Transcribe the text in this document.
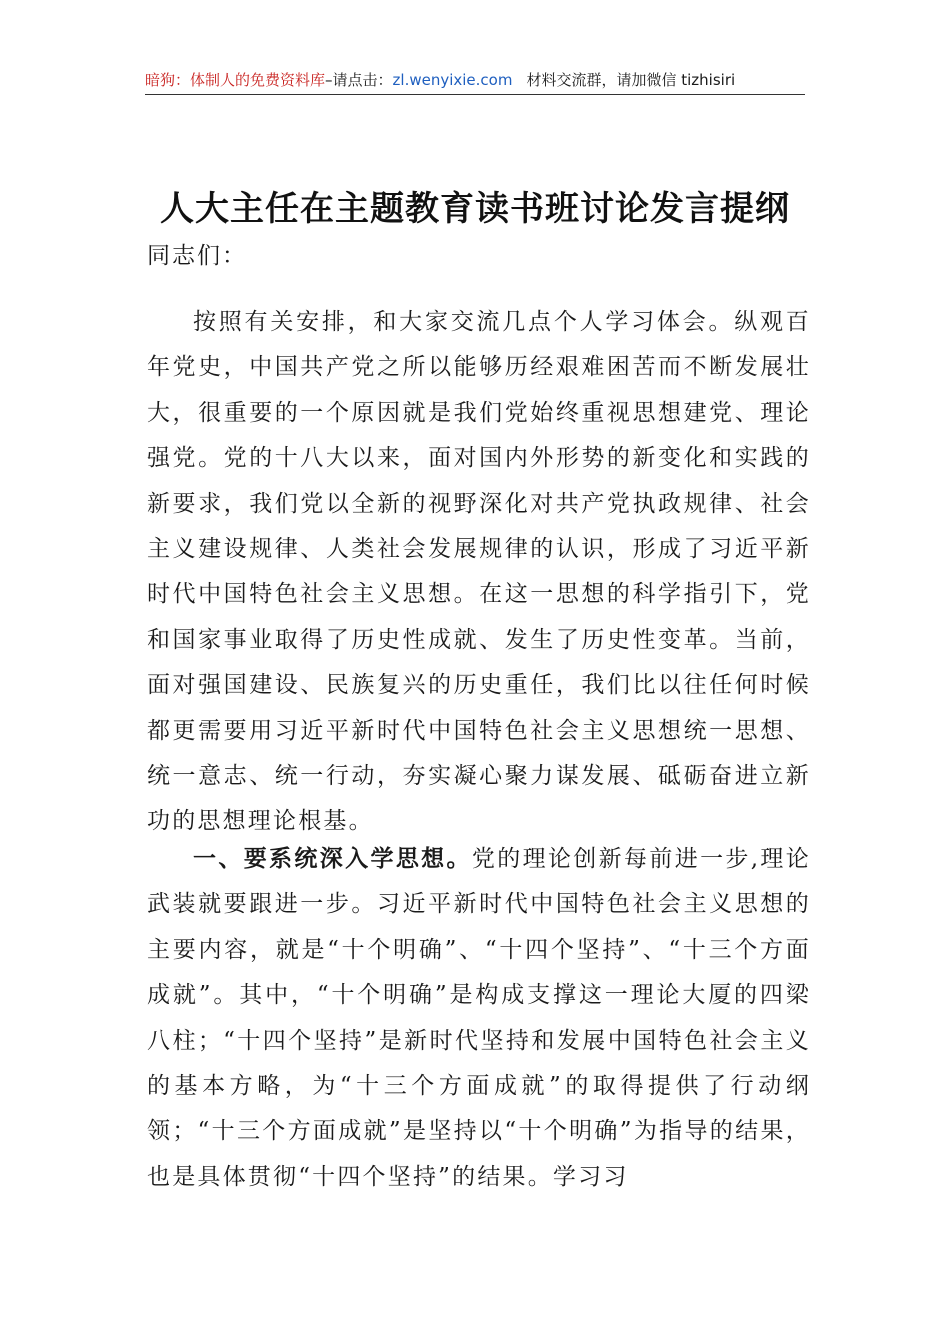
暗狗：体制人的免费资料库–请点击：zl.wenyixie.com 材料交流群，请加微信 tizhisiri
人大主任在主题教育读书班讨论发言提纲
同志们：

按照有关安排，和大家交流几点个人学习体会。纵观百年党史，中国共产党之所以能够历经艰难困苦而不断发展壮大，很重要的一个原因就是我们党始终重视思想建党、理论强党。党的十八大以来，面对国内外形势的新变化和实践的新要求，我们党以全新的视野深化对共产党执政规律、社会主义建设规律、人类社会发展规律的认识，形成了习近平新时代中国特色社会主义思想。在这一思想的科学指引下，党和国家事业取得了历史性成就、发生了历史性变革。当前，面对强国建设、民族复兴的历史重任，我们比以往任何时候都更需要用习近平新时代中国特色社会主义思想统一思想、统一意志、统一行动，夯实凝心聚力谋发展、砥砺奋进立新功的思想理论根基。

一、要系统深入学思想。党的理论创新每前进一步,理论武装就要跟进一步。习近平新时代中国特色社会主义思想的主要内容，就是“十个明确”、“十四个坚持”、“十三个方面成就”。其中，“十个明确”是构成支撑这一理论大厦的四梁八柱；“十四个坚持”是新时代坚持和发展中国特色社会主义的基本方略，为“十三个方面成就”的取得提供了行动纲领；“十三个方面成就”是坚持以“十个明确”为指导的结果，也是具体贯彻“十四个坚持”的结果。学习习
